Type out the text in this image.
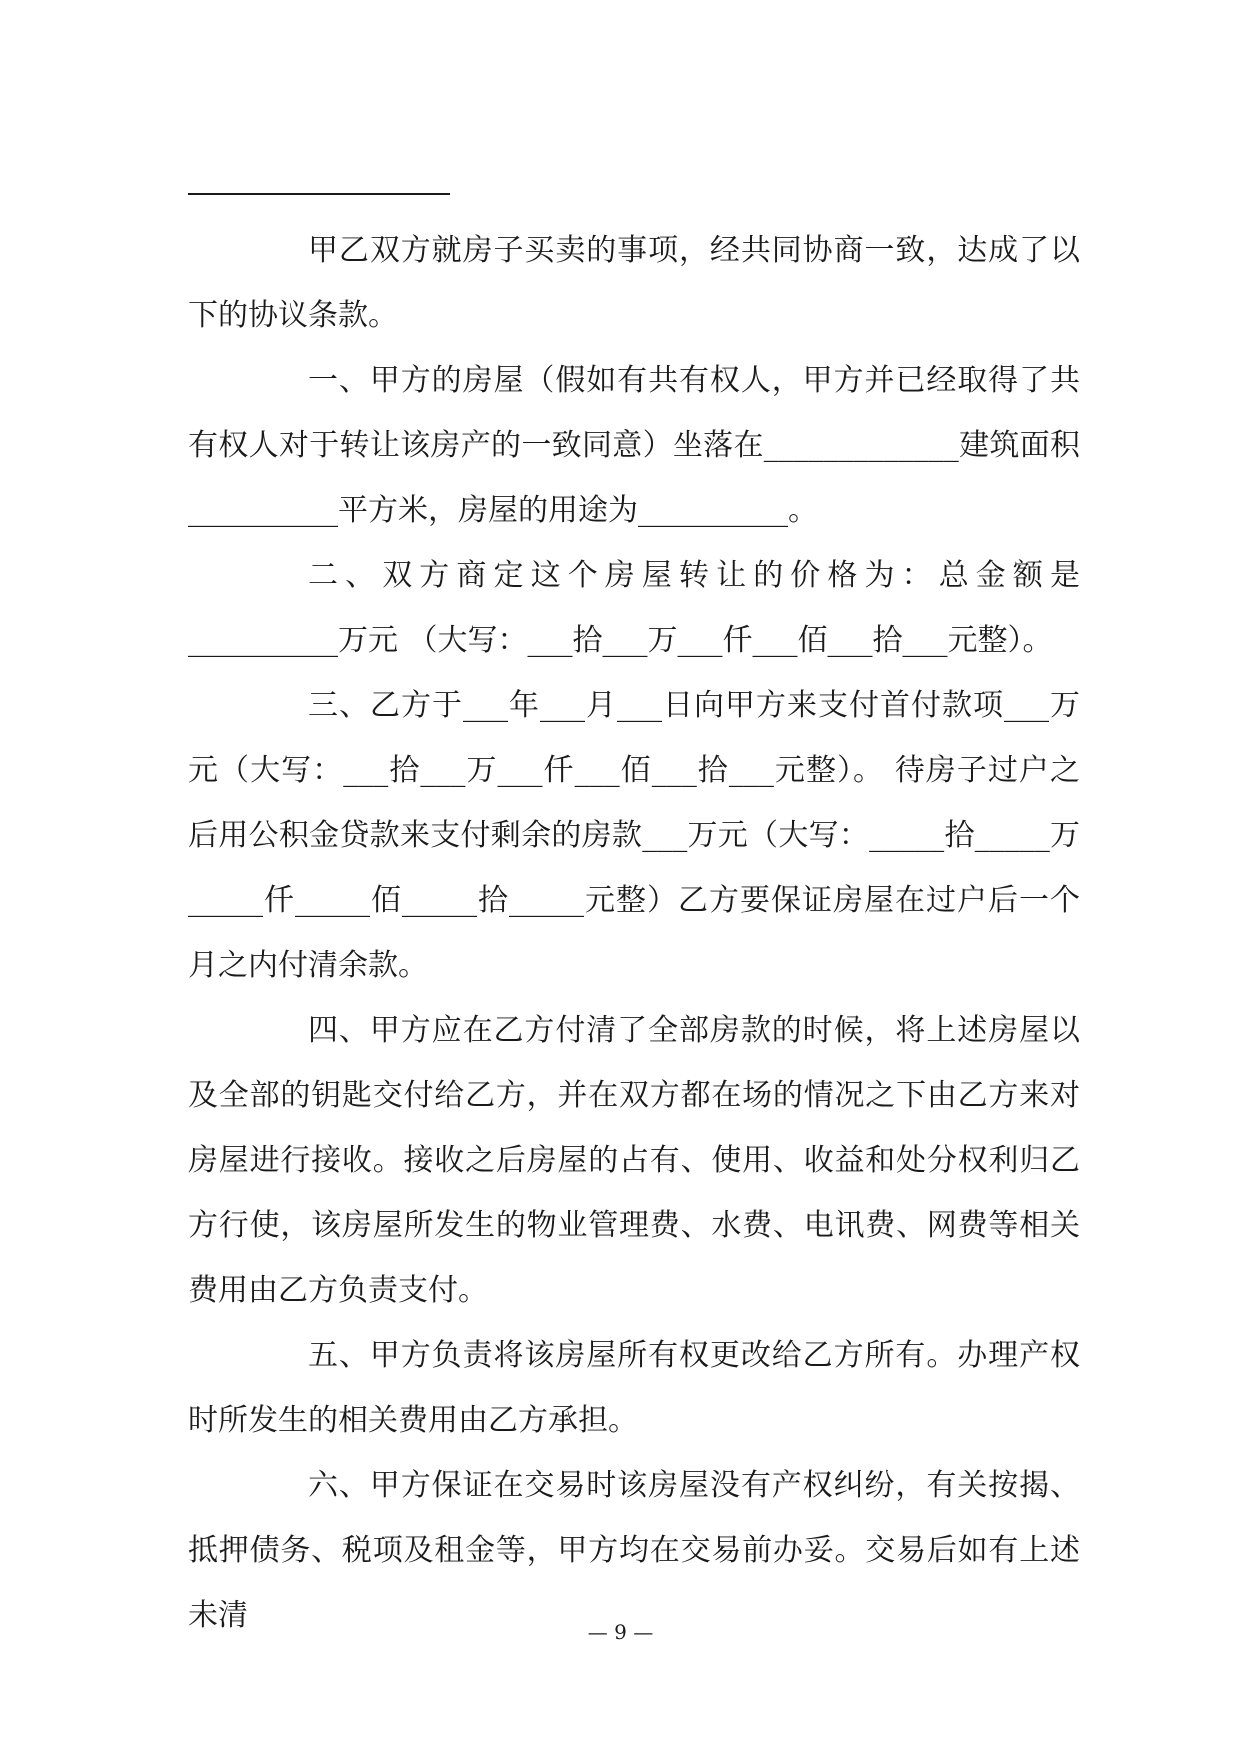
甲乙双方就房子买卖的事项，经共同协商一致，达成了以下的协议条款。

一、甲方的房屋（假如有共有权人，甲方并已经取得了共有权人对于转让该房产的一致同意）坐落在_____________建筑面积__________平方米，房屋的用途为__________。

二、双方商定这个房屋转让的价格为：总金额是__________万元 （大写：___拾___万___仟___佰___拾___元整）。

三、乙方于___年___月___日向甲方来支付首付款项___万元（大写：___拾___万___仟___佰___拾___元整）。 待房子过户之后用公积金贷款来支付剩余的房款___万元（大写：_____拾_____万_____仟_____佰_____拾_____元整）乙方要保证房屋在过户后一个月之内付清余款。

四、甲方应在乙方付清了全部房款的时候，将上述房屋以及全部的钥匙交付给乙方，并在双方都在场的情况之下由乙方来对房屋进行接收。接收之后房屋的占有、使用、收益和处分权利归乙方行使，该房屋所发生的物业管理费、水费、电讯费、网费等相关费用由乙方负责支付。

五、甲方负责将该房屋所有权更改给乙方所有。办理产权时所发生的相关费用由乙方承担。

六、甲方保证在交易时该房屋没有产权纠纷，有关按揭、抵押债务、税项及租金等，甲方均在交易前办妥。交易后如有上述未清	— 9 —
